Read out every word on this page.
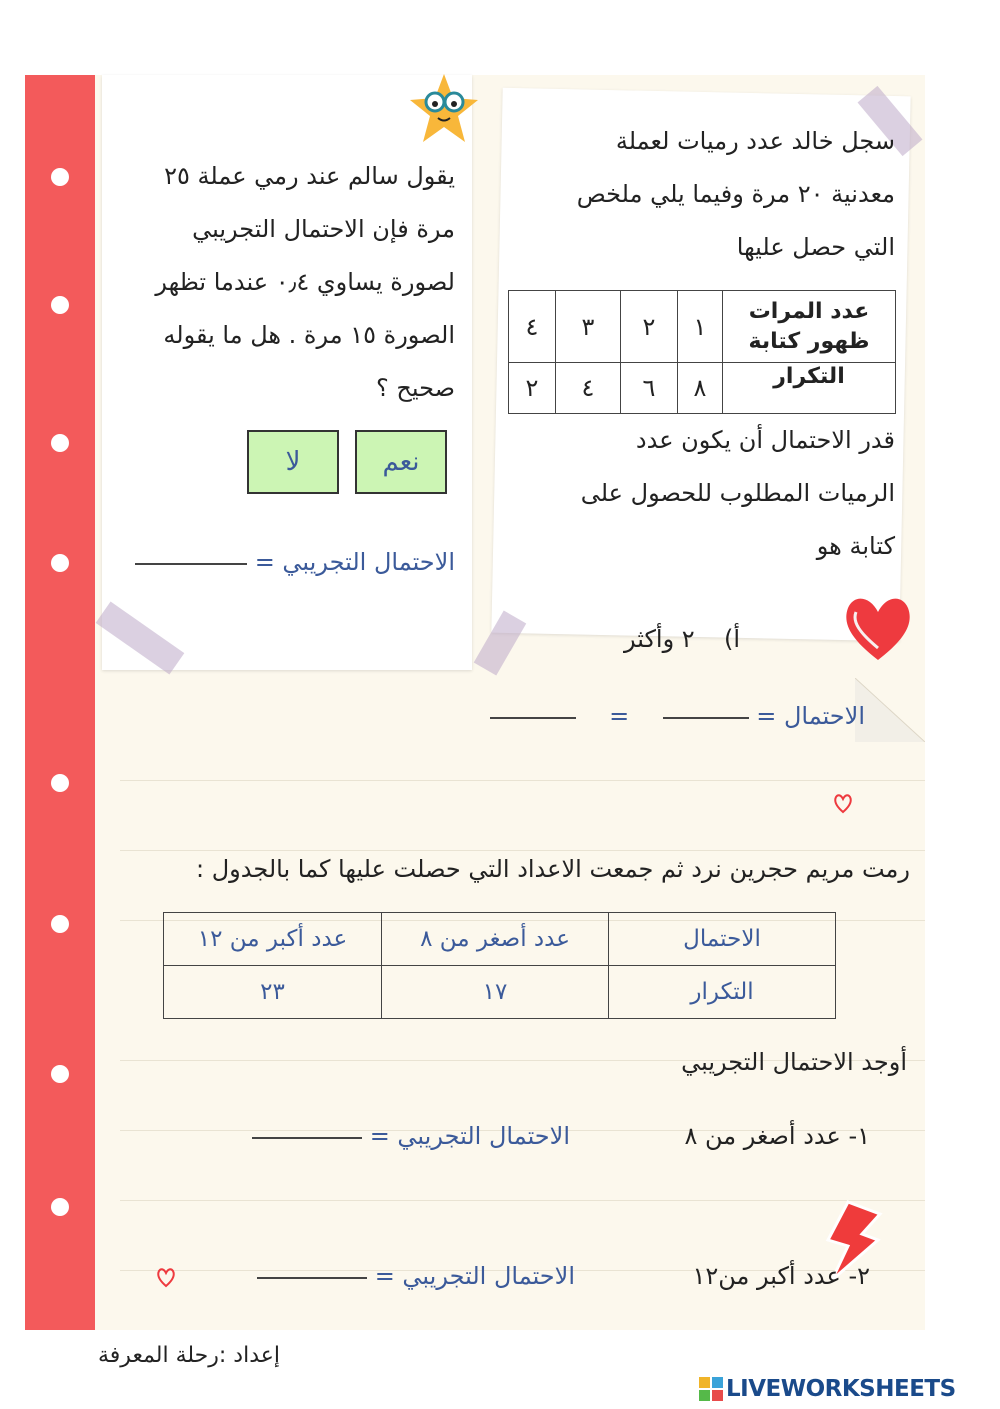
يقول سالم عند رمي عملة ٢٥
مرة فإن الاحتمال التجريبي
لصورة يساوي ٠٫٤ عندما تظهر
الصورة ١٥ مرة . هل ما يقوله
صحيح ؟
نعم
لا
الاحتمال التجريبي =
سجل خالد عدد رميات لعملة
معدنية ٢٠ مرة وفيما يلي ملخص
التي حصل عليها
عدد المرات
ظهور كتابة	١	٢	٣	٤
التكرار	٨	٦	٤	٢
قدر الاحتمال أن يكون عدد
الرميات المطلوب للحصول على
كتابة هو
أ)  ٢ وأكثر
الاحتمال =   =
رمت مريم حجرين نرد ثم جمعت الاعداد التي حصلت عليها كما بالجدول :
الاحتمال	عدد أصغر من ٨	عدد أكبر من ١٢
التكرار	١٧	٢٣
أوجد الاحتمال التجريبي
١- عدد أصغر من ٨
الاحتمال التجريبي =
٢- عدد أكبر من١٢
الاحتمال التجريبي =
إعداد :رحلة المعرفة
LIVEWORKSHEETS
